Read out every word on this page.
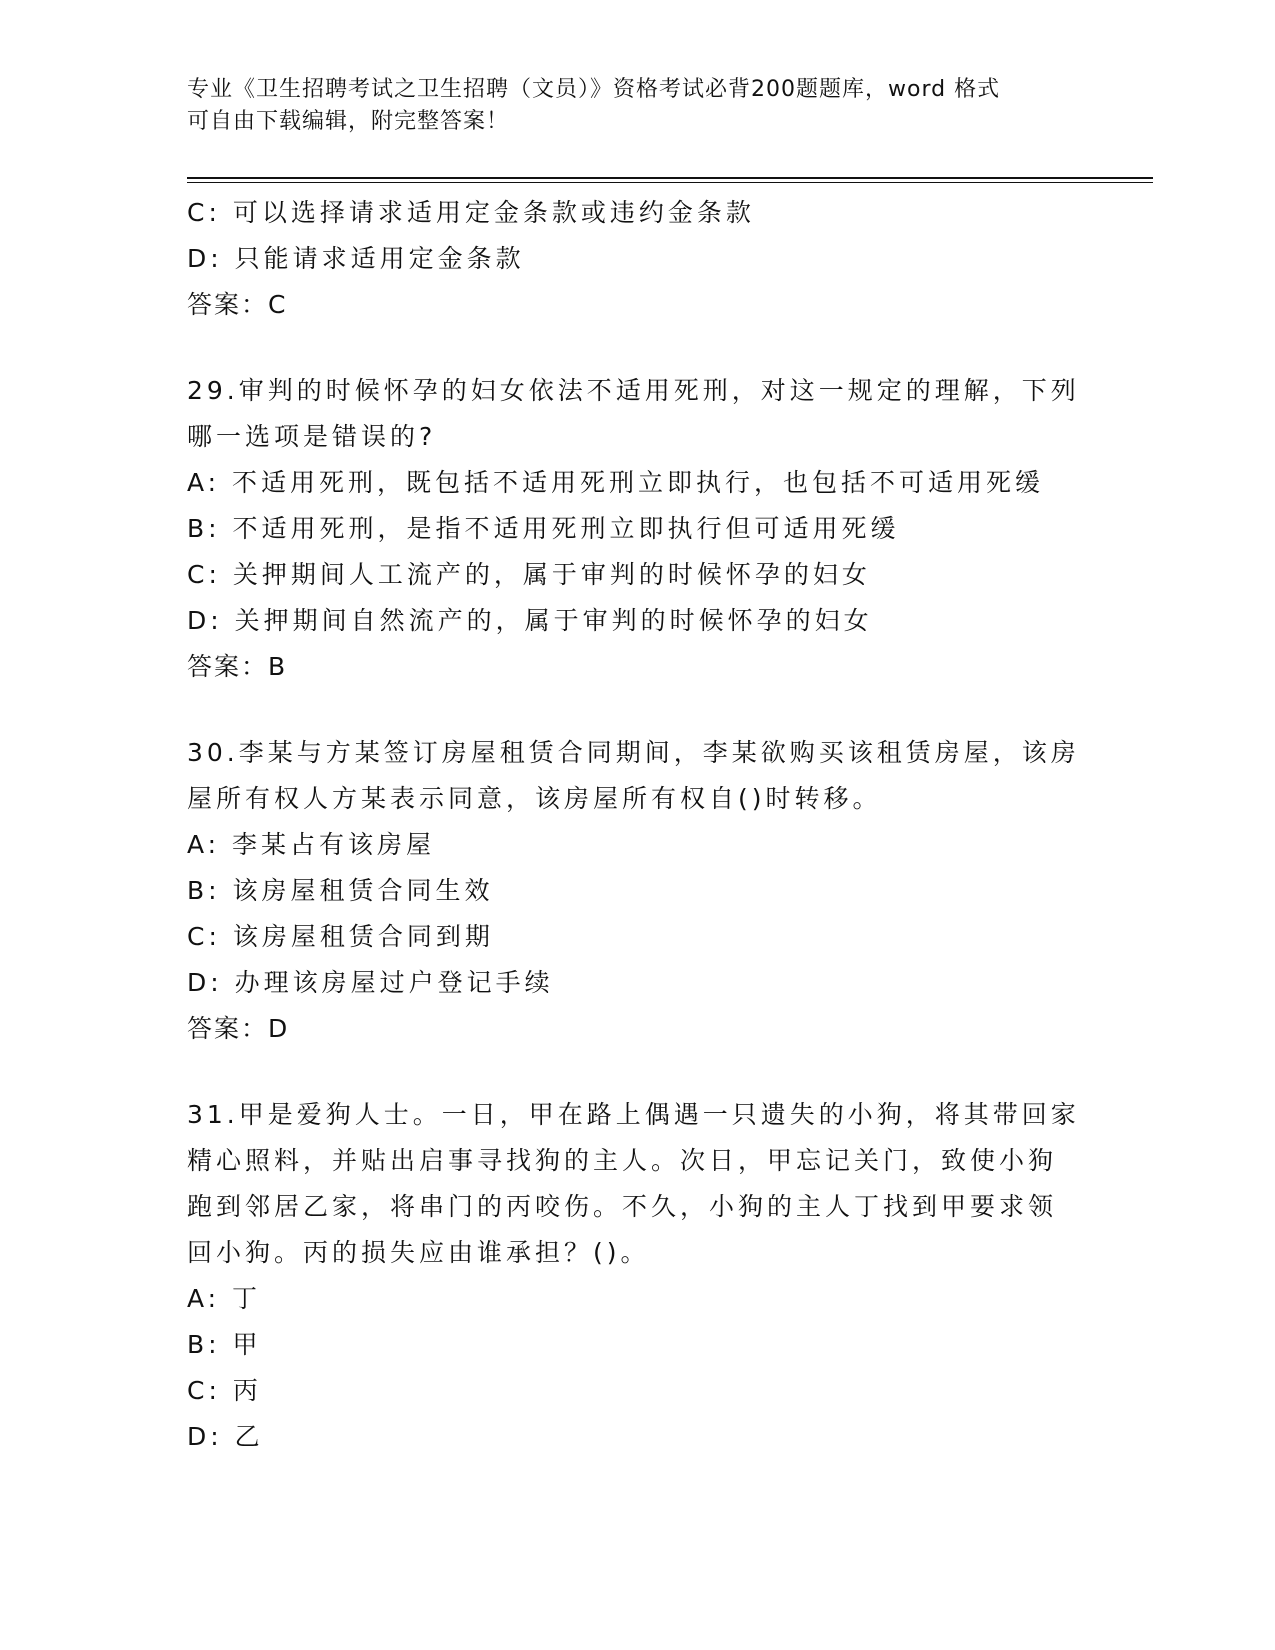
专业《卫生招聘考试之卫生招聘（文员）》资格考试必背200题题库，word 格式
可自由下载编辑，附完整答案！
C: 可以选择请求适用定金条款或违约金条款
D: 只能请求适用定金条款
答案：C
29.审判的时候怀孕的妇女依法不适用死刑，对这一规定的理解，下列
哪一选项是错误的?
A: 不适用死刑，既包括不适用死刑立即执行，也包括不可适用死缓
B: 不适用死刑，是指不适用死刑立即执行但可适用死缓
C: 关押期间人工流产的，属于审判的时候怀孕的妇女
D: 关押期间自然流产的，属于审判的时候怀孕的妇女
答案：B
30.李某与方某签订房屋租赁合同期间，李某欲购买该租赁房屋，该房
屋所有权人方某表示同意，该房屋所有权自()时转移。
A: 李某占有该房屋
B: 该房屋租赁合同生效
C: 该房屋租赁合同到期
D: 办理该房屋过户登记手续
答案：D
31.甲是爱狗人士。一日，甲在路上偶遇一只遗失的小狗，将其带回家
精心照料，并贴出启事寻找狗的主人。次日，甲忘记关门，致使小狗
跑到邻居乙家，将串门的丙咬伤。不久，小狗的主人丁找到甲要求领
回小狗。丙的损失应由谁承担？()。
A: 丁
B: 甲
C: 丙
D: 乙
